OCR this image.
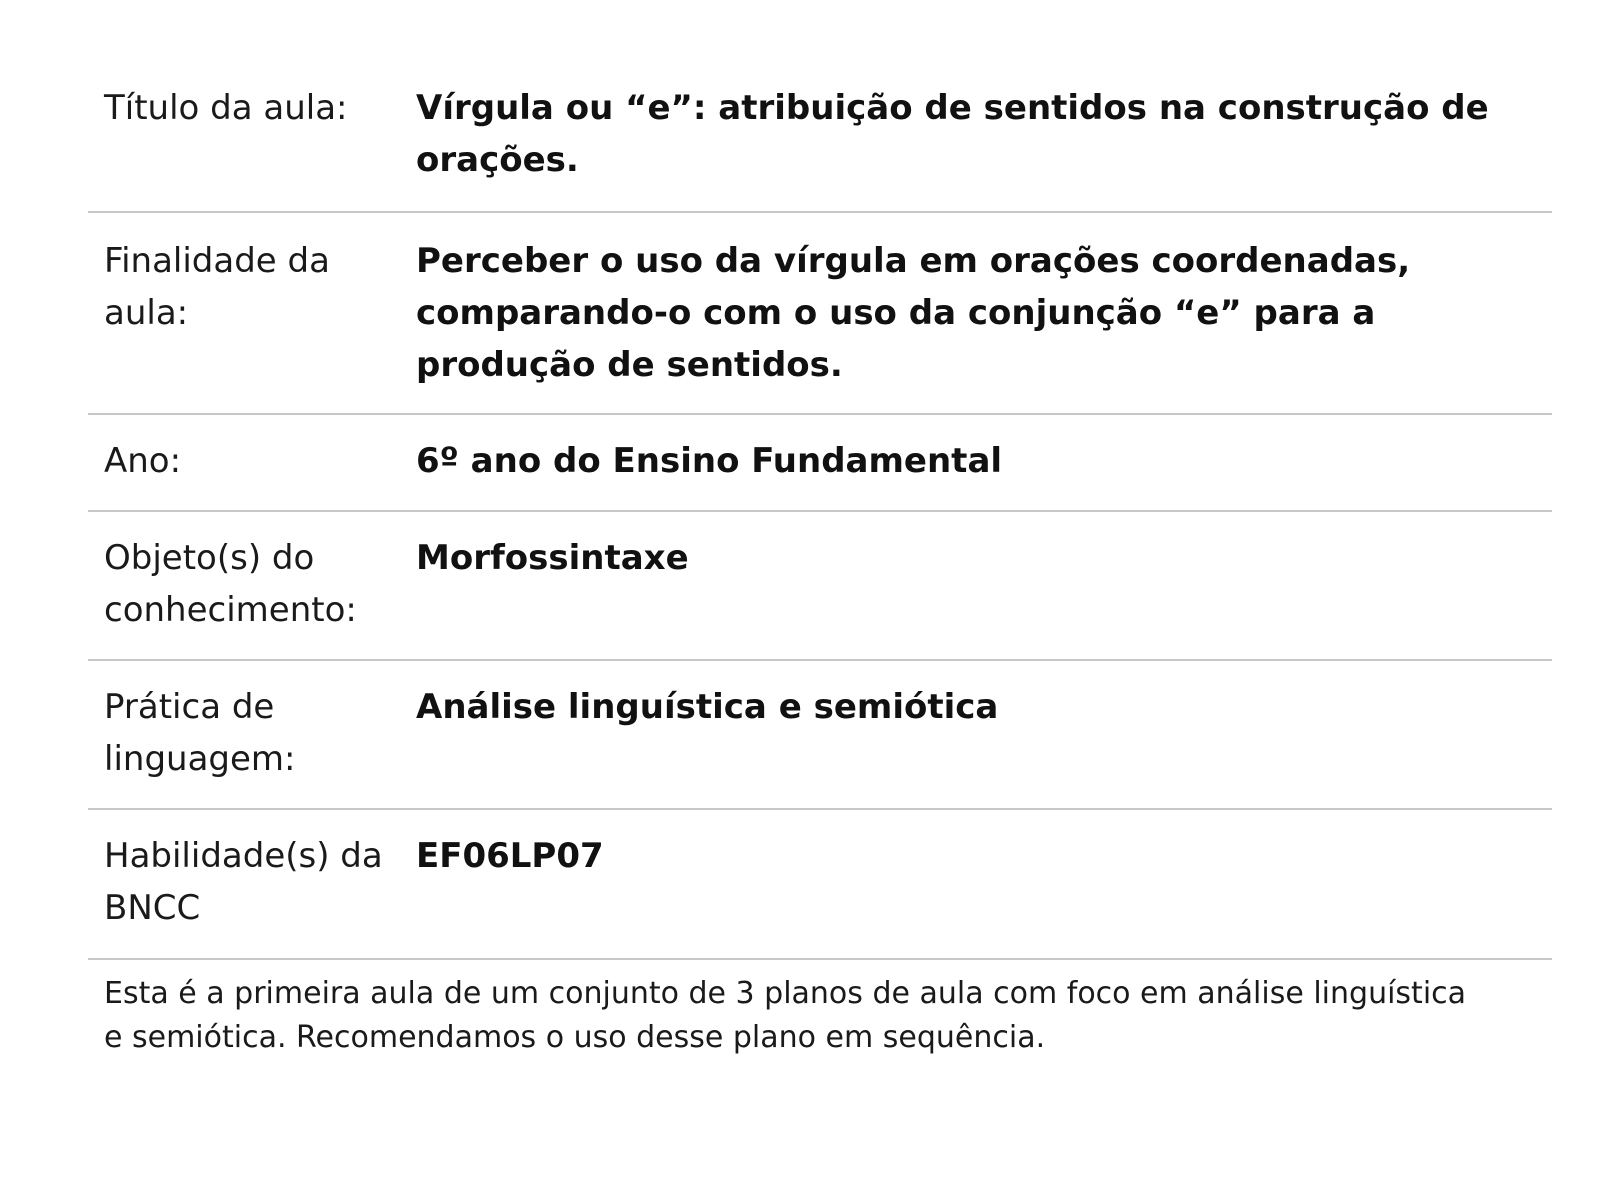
Título da aula:	Vírgula ou “e”: atribuição de sentidos na construção de orações.
Finalidade da aula:
Perceber o uso da vírgula em orações coordenadas, comparando-o com o uso da conjunção “e” para a produção de sentidos.
Ano:	6º ano do Ensino Fundamental
Objeto(s) do conhecimento:
Morfossintaxe
Prática de linguagem:
Análise linguística e semiótica
Habilidade(s) da BNCC
EF06LP07
Esta é a primeira aula de um conjunto de 3 planos de aula com foco em análise linguística e semiótica. Recomendamos o uso desse plano em sequência.
